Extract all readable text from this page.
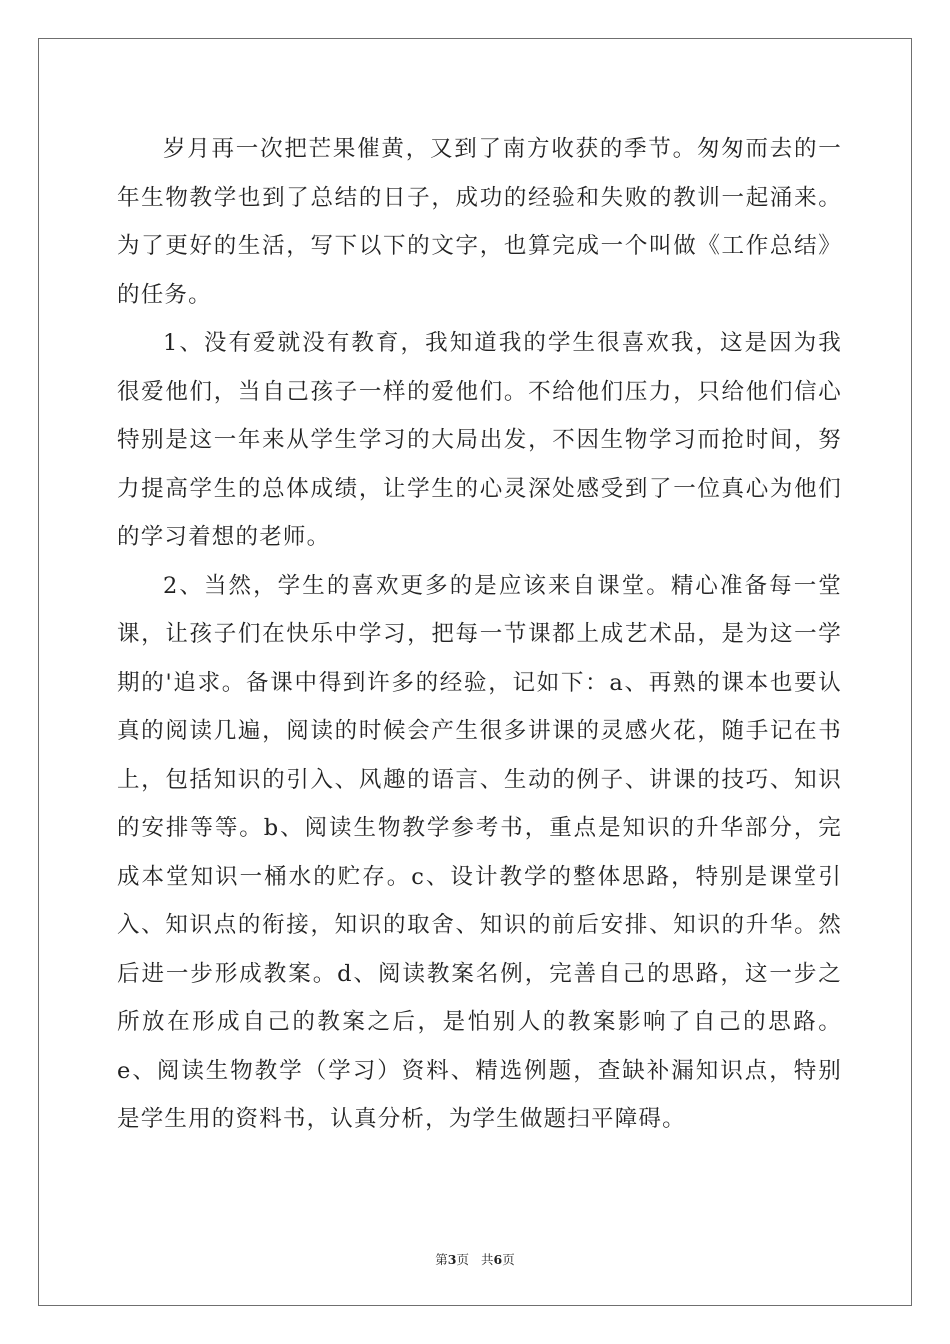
岁月再一次把芒果催黄，又到了南方收获的季节。匆匆而去的一年生物教学也到了总结的日子，成功的经验和失败的教训一起涌来。为了更好的生活，写下以下的文字，也算完成一个叫做《工作总结》的任务。

1、没有爱就没有教育，我知道我的学生很喜欢我，这是因为我很爱他们，当自己孩子一样的爱他们。不给他们压力，只给他们信心特别是这一年来从学生学习的大局出发，不因生物学习而抢时间，努力提高学生的总体成绩，让学生的心灵深处感受到了一位真心为他们的学习着想的老师。

2、当然，学生的喜欢更多的是应该来自课堂。精心准备每一堂课，让孩子们在快乐中学习，把每一节课都上成艺术品，是为这一学期的'追求。备课中得到许多的经验，记如下：a、再熟的课本也要认真的阅读几遍，阅读的时候会产生很多讲课的灵感火花，随手记在书上，包括知识的引入、风趣的语言、生动的例子、讲课的技巧、知识的安排等等。b、阅读生物教学参考书，重点是知识的升华部分，完成本堂知识一桶水的贮存。c、设计教学的整体思路，特别是课堂引入、知识点的衔接，知识的取舍、知识的前后安排、知识的升华。然后进一步形成教案。d、阅读教案名例，完善自己的思路，这一步之所放在形成自己的教案之后，是怕别人的教案影响了自己的思路。e、阅读生物教学（学习）资料、精选例题，查缺补漏知识点，特别是学生用的资料书，认真分析，为学生做题扫平障碍。

第3页 共6页
